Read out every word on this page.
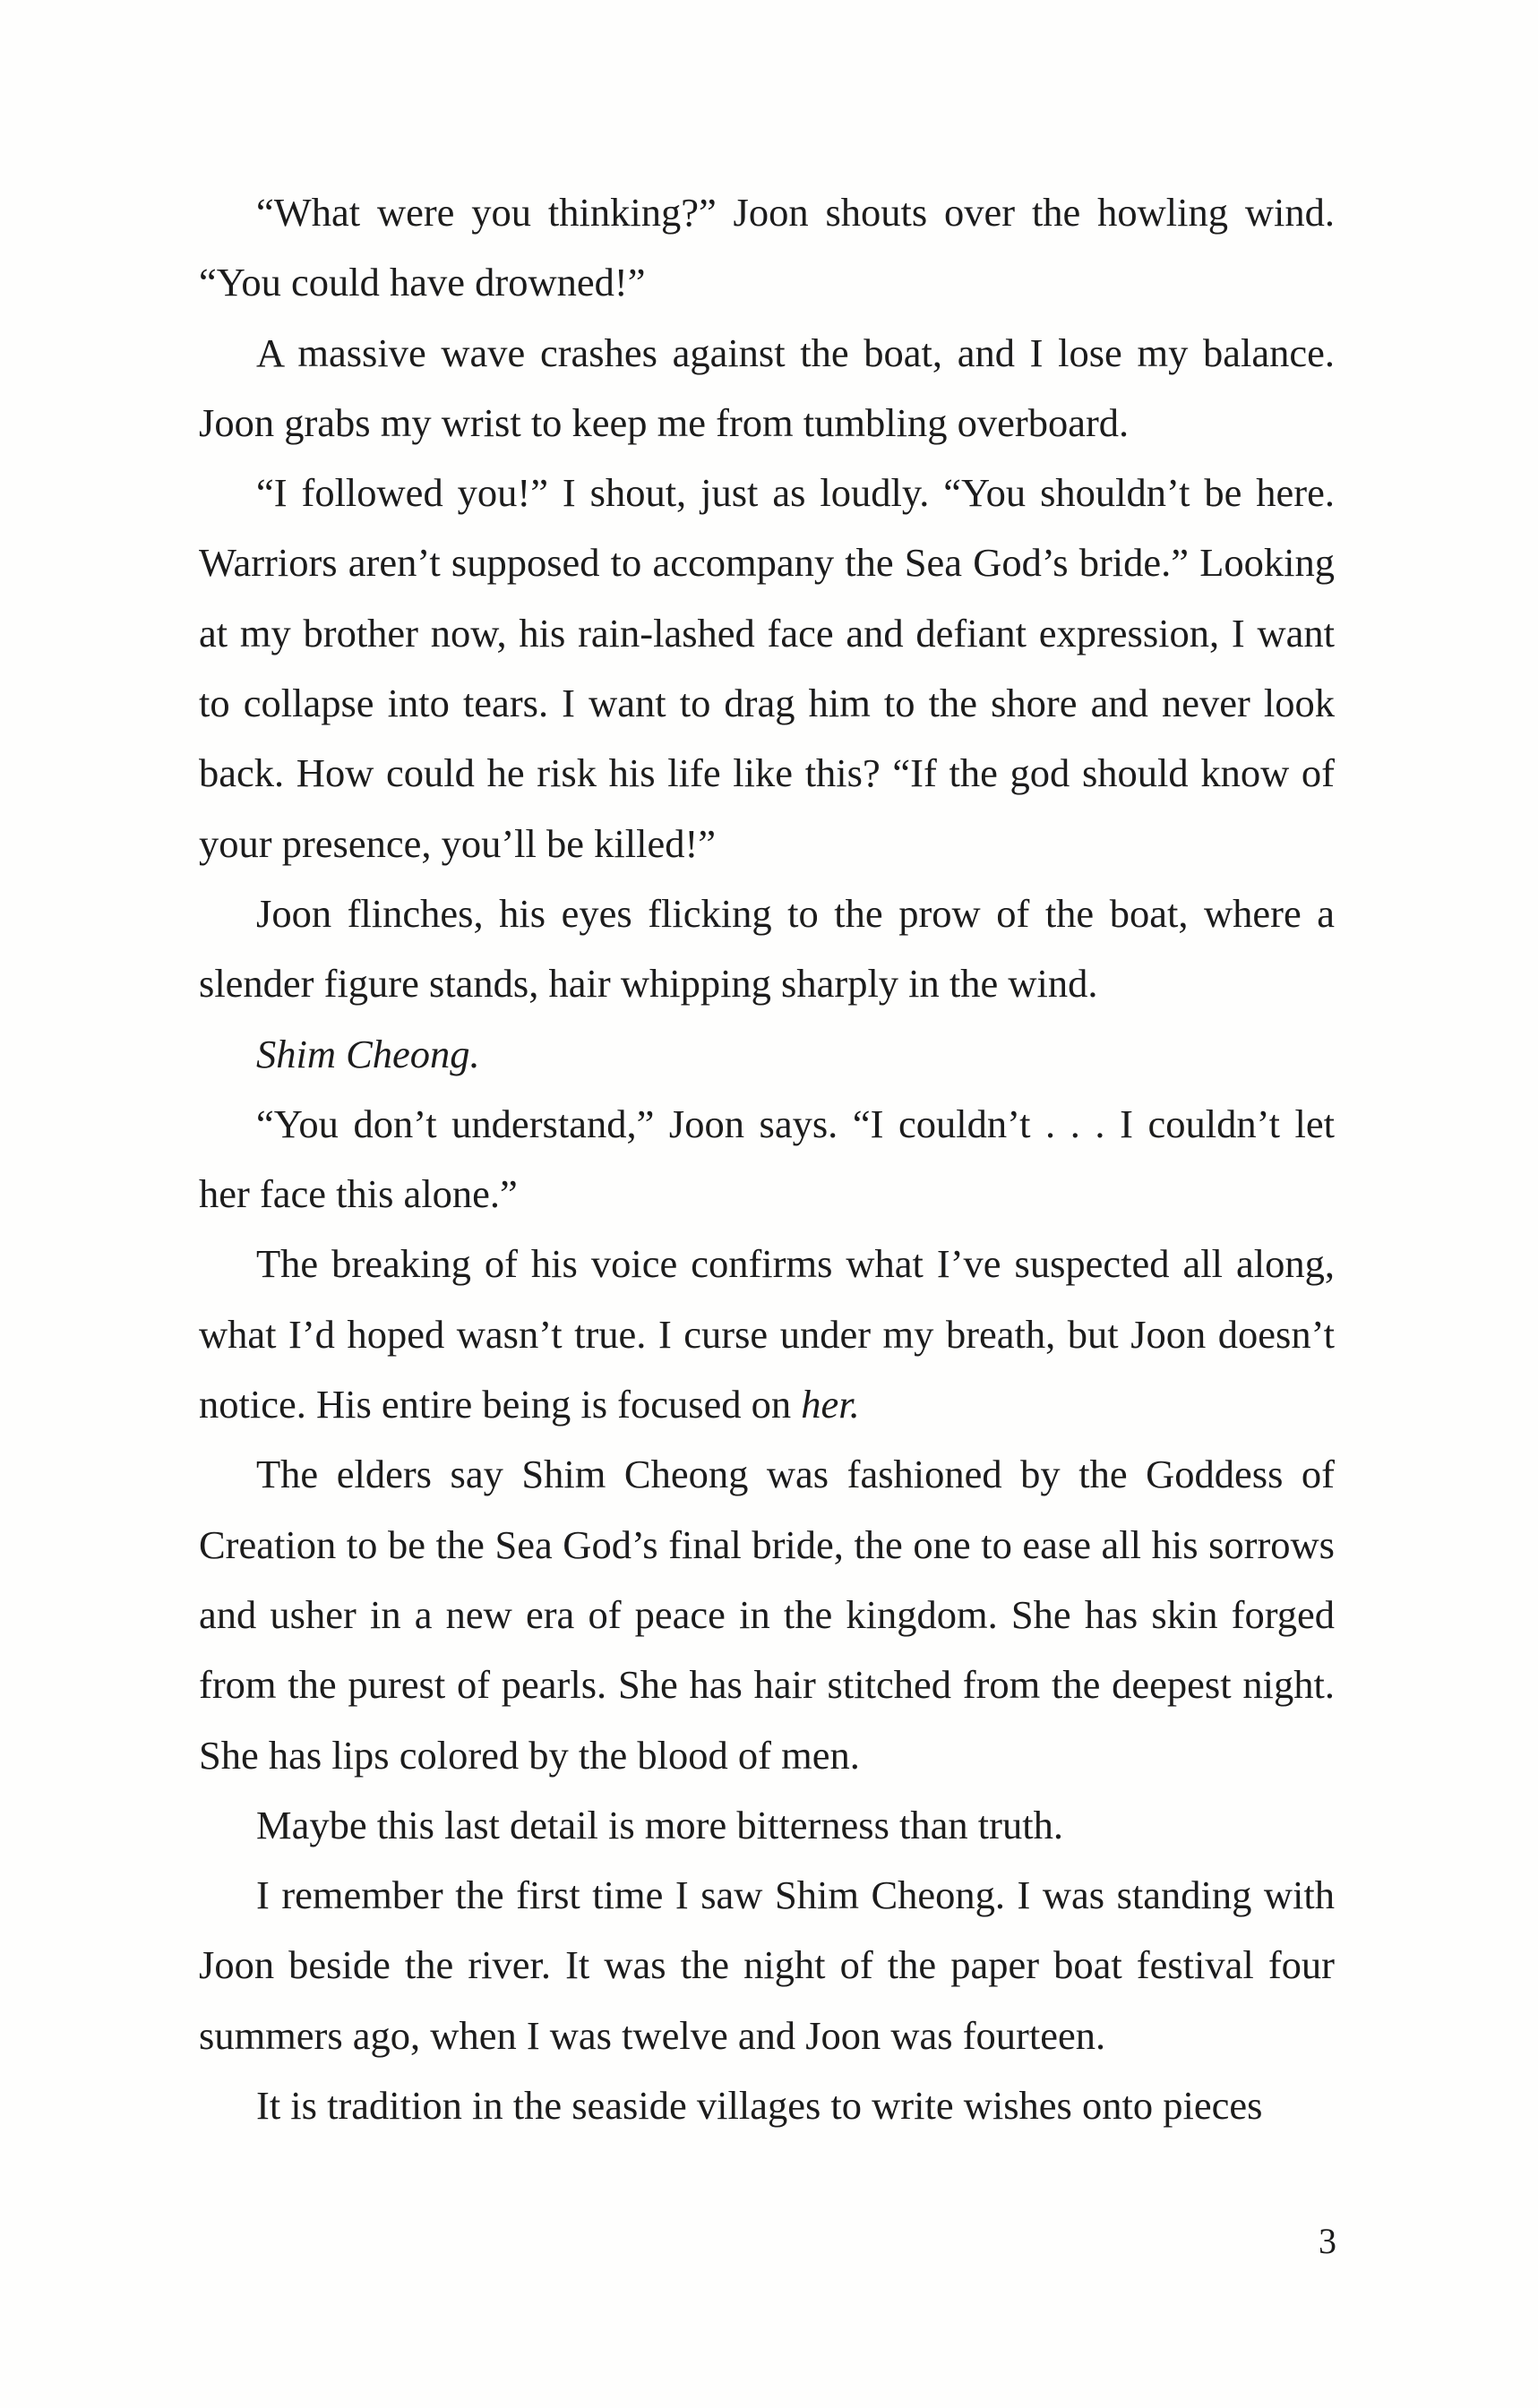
“What were you thinking?” Joon shouts over the howling wind. “You could have drowned!”

A massive wave crashes against the boat, and I lose my balance. Joon grabs my wrist to keep me from tumbling overboard.

“I followed you!” I shout, just as loudly. “You shouldn’t be here. Warriors aren’t supposed to accompany the Sea God’s bride.” Looking at my brother now, his rain-lashed face and defiant expression, I want to collapse into tears. I want to drag him to the shore and never look back. How could he risk his life like this? “If the god should know of your presence, you’ll be killed!”

Joon flinches, his eyes flicking to the prow of the boat, where a slender figure stands, hair whipping sharply in the wind.

Shim Cheong.

“You don’t understand,” Joon says. “I couldn’t . . . I couldn’t let her face this alone.”

The breaking of his voice confirms what I’ve suspected all along, what I’d hoped wasn’t true. I curse under my breath, but Joon doesn’t notice. His entire being is focused on her.

The elders say Shim Cheong was fashioned by the Goddess of Creation to be the Sea God’s final bride, the one to ease all his sorrows and usher in a new era of peace in the kingdom. She has skin forged from the purest of pearls. She has hair stitched from the deepest night. She has lips colored by the blood of men.

Maybe this last detail is more bitterness than truth.

I remember the first time I saw Shim Cheong. I was standing with Joon beside the river. It was the night of the paper boat festival four summers ago, when I was twelve and Joon was fourteen.

It is tradition in the seaside villages to write wishes onto pieces

3
